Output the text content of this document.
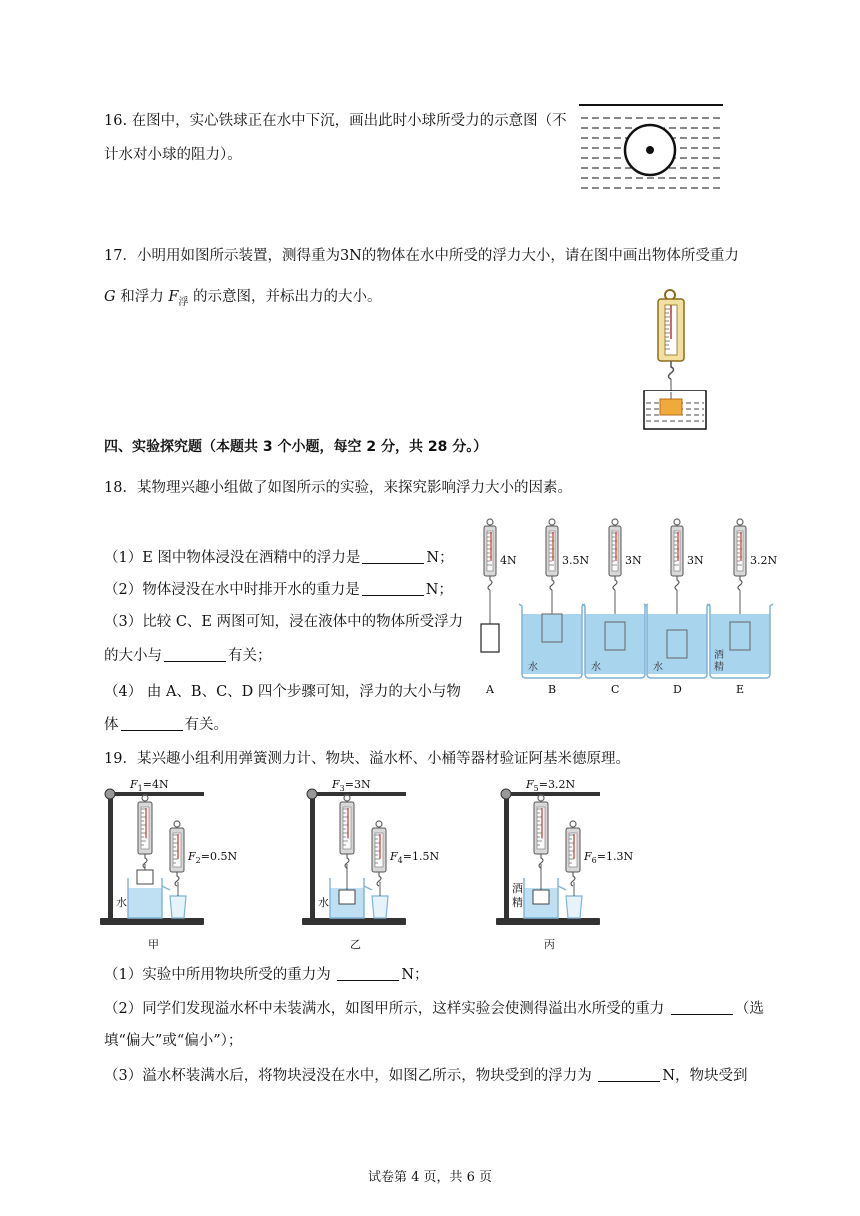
16. 在图中，实心铁球正在水中下沉，画出此时小球所受力的示意图（不
计水对小球的阻力）。
17．小明用如图所示装置，测得重为3N的物体在水中所受的浮力大小，请在图中画出物体所受重力
G 和浮力 $F_浮$ 的示意图，并标出力的大小。
四、实验探究题（本题共 3 个小题，每空 2 分，共 28 分。）
18．某物理兴趣小组做了如图所示的实验，来探究影响浮力大小的因素。
（1）E 图中物体浸没在酒精中的浮力是	N；
（2）物体浸没在水中时排开水的重力是	N；
（3）比较 C、E 两图可知，浸在液体中的物体所受浮力
的大小与	有关；
（4） 由 A、B、C、D 四个步骤可知，浮力的大小与物
体	有关。
4N
A
3.5N
水
B
3N
水
C
3N
水
D
3.2N
酒
精
E
19．某兴趣小组利用弹簧测力计、物块、溢水杯、小桶等器材验证阿基米德原理。
$F_1=4N$
$F_2=0.5N$
水
甲
$F_3=3N$
$F_4=1.5N$
水
乙
$F_5=3.2N$
$F_6=1.3N$
酒
精
丙
（1）实验中所用物块所受的重力为	N；
（2）同学们发现溢水杯中未装满水，如图甲所示，这样实验会使测得溢出水所受的重力	（选
填“偏大”或“偏小”）；
（3）溢水杯装满水后，将物块浸没在水中，如图乙所示，物块受到的浮力为	N，物块受到
试卷第 4 页，共 6 页
